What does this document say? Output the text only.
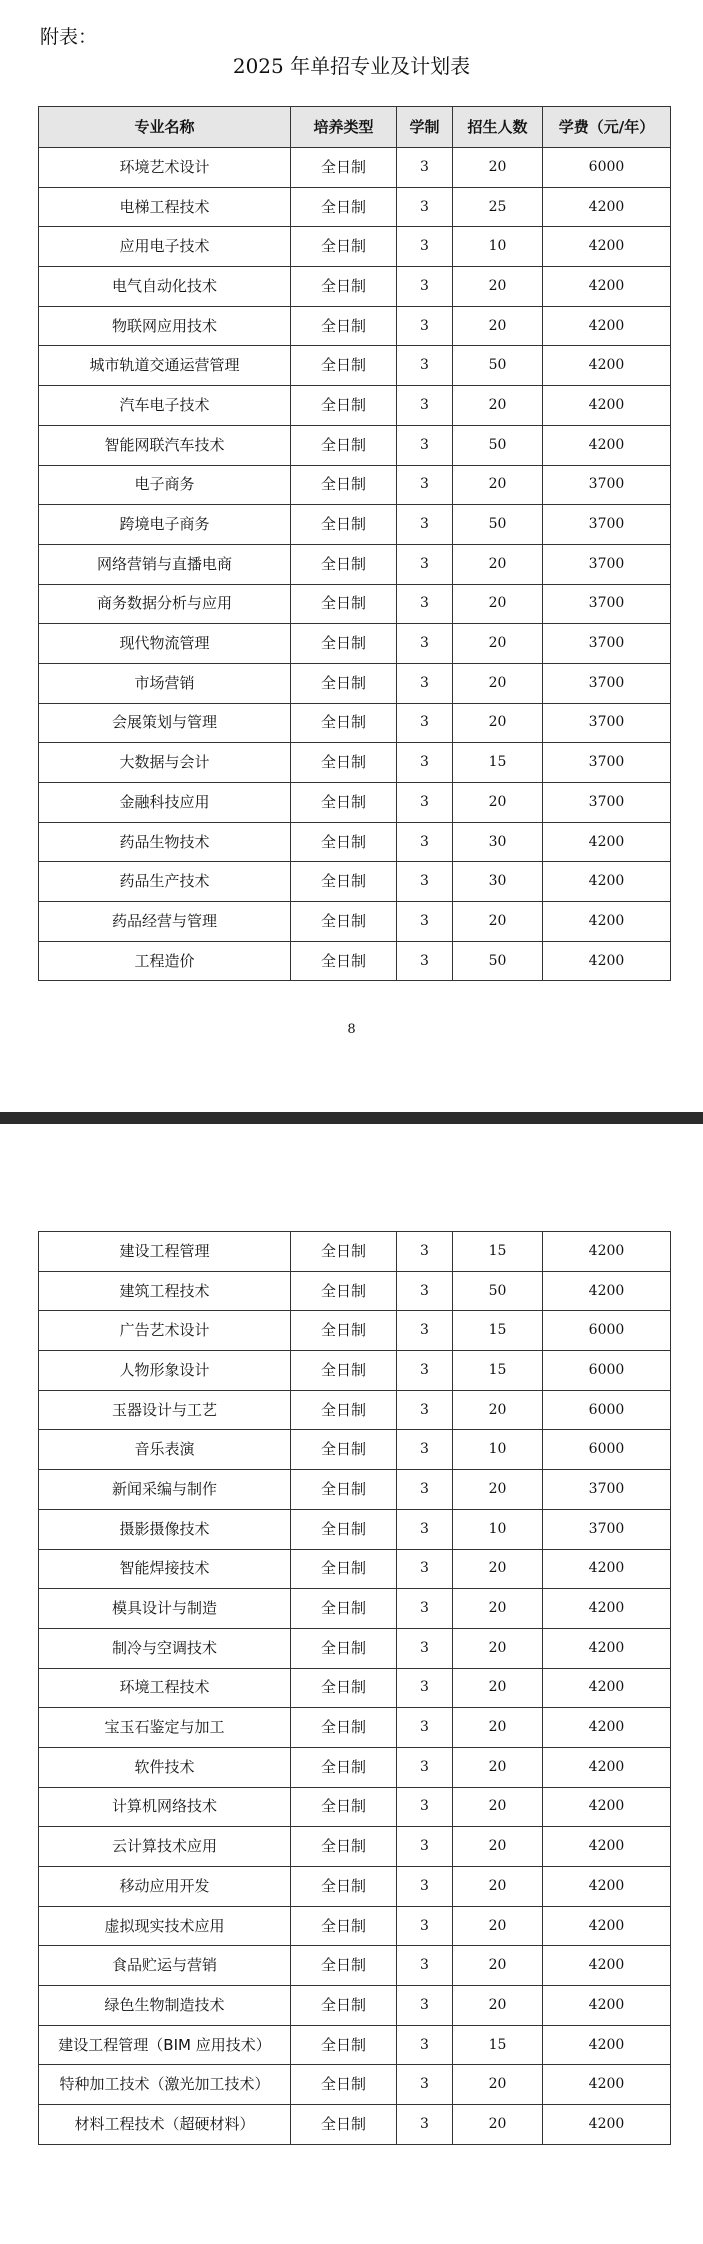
附表：
2025 年单招专业及计划表
专业名称	培养类型	学制	招生人数	学费（元/年）
环境艺术设计	全日制	3	20	6000
电梯工程技术	全日制	3	25	4200
应用电子技术	全日制	3	10	4200
电气自动化技术	全日制	3	20	4200
物联网应用技术	全日制	3	20	4200
城市轨道交通运营管理	全日制	3	50	4200
汽车电子技术	全日制	3	20	4200
智能网联汽车技术	全日制	3	50	4200
电子商务	全日制	3	20	3700
跨境电子商务	全日制	3	50	3700
网络营销与直播电商	全日制	3	20	3700
商务数据分析与应用	全日制	3	20	3700
现代物流管理	全日制	3	20	3700
市场营销	全日制	3	20	3700
会展策划与管理	全日制	3	20	3700
大数据与会计	全日制	3	15	3700
金融科技应用	全日制	3	20	3700
药品生物技术	全日制	3	30	4200
药品生产技术	全日制	3	30	4200
药品经营与管理	全日制	3	20	4200
工程造价	全日制	3	50	4200
8
建设工程管理	全日制	3	15	4200
建筑工程技术	全日制	3	50	4200
广告艺术设计	全日制	3	15	6000
人物形象设计	全日制	3	15	6000
玉器设计与工艺	全日制	3	20	6000
音乐表演	全日制	3	10	6000
新闻采编与制作	全日制	3	20	3700
摄影摄像技术	全日制	3	10	3700
智能焊接技术	全日制	3	20	4200
模具设计与制造	全日制	3	20	4200
制冷与空调技术	全日制	3	20	4200
环境工程技术	全日制	3	20	4200
宝玉石鉴定与加工	全日制	3	20	4200
软件技术	全日制	3	20	4200
计算机网络技术	全日制	3	20	4200
云计算技术应用	全日制	3	20	4200
移动应用开发	全日制	3	20	4200
虚拟现实技术应用	全日制	3	20	4200
食品贮运与营销	全日制	3	20	4200
绿色生物制造技术	全日制	3	20	4200
建设工程管理（BIM 应用技术）	全日制	3	15	4200
特种加工技术（激光加工技术）	全日制	3	20	4200
材料工程技术（超硬材料）	全日制	3	20	4200
